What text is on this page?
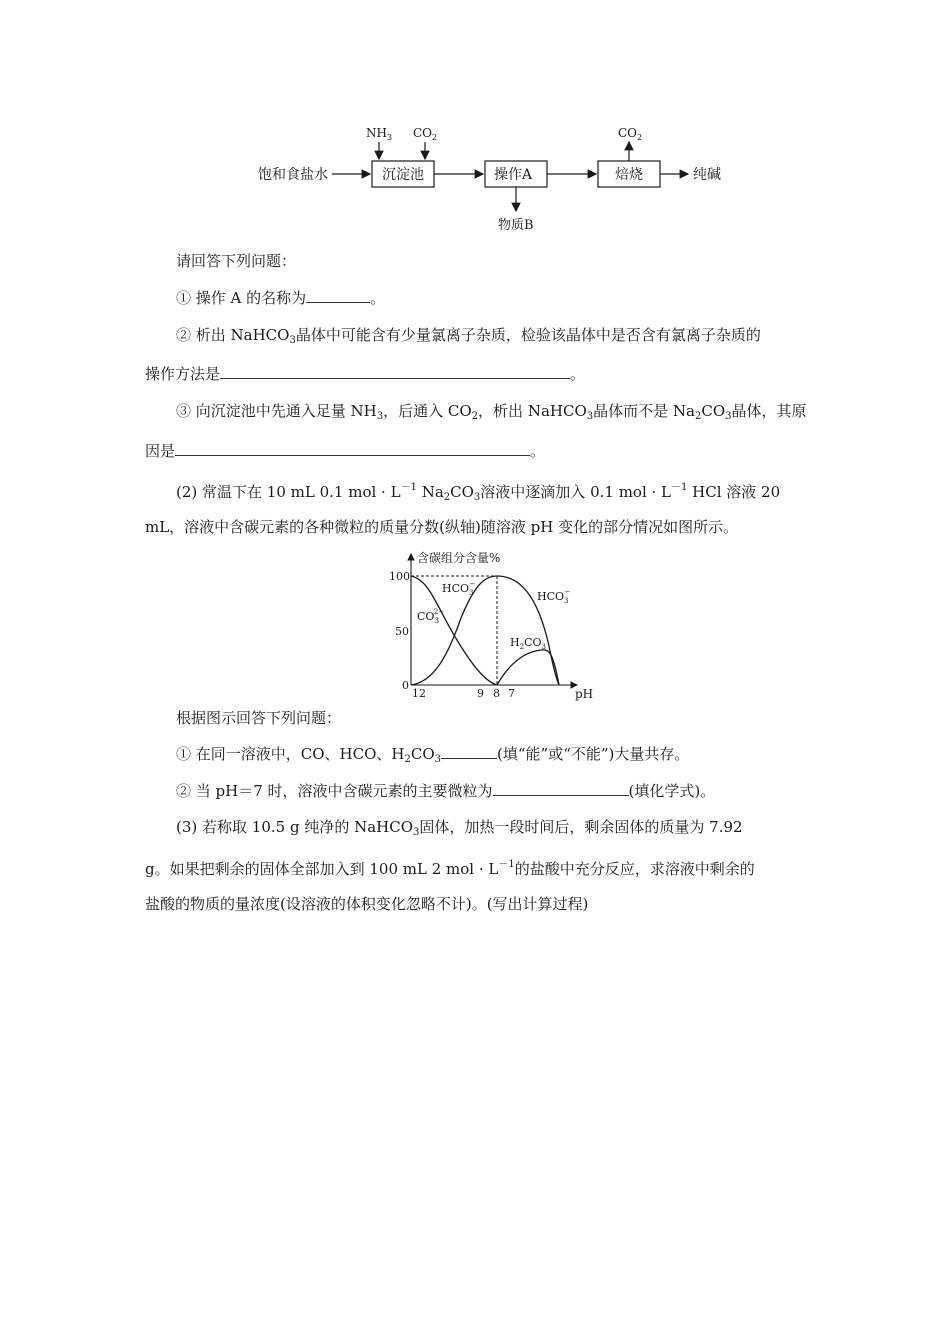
饱和食盐水	沉淀池
$NH_3$ $CO_2$
操作A
物质B
焙烧
$CO_2$
纯碱
请回答下列问题：
① 操作 A 的名称为	。
② 析出 NaHCO$_3$晶体中可能含有少量氯离子杂质，检验该晶体中是否含有氯离子杂质的
操作方法是	。
③ 向沉淀池中先通入足量 $NH_3$，后通入 $CO_2$，析出 NaHCO$_3$晶体而不是 $Na_2CO_3$晶体，其原
因是	。
(2) 常温下在 10 mL 0.1 mol · $L^{-1}$ $Na_2CO_3$溶液中逐滴加入 0.1 mol · $L^{-1}$ HCl 溶液 20
mL，溶液中含碳元素的各种微粒的质量分数(纵轴)随溶液 pH 变化的部分情况如图所示。
含碳组分含量%
pH
100
50
0
12	9 8 7
$CO_32-$
$HCO_3-$
$HCO_3-$
$H_2CO_3$
根据图示回答下列问题：
① 在同一溶液中，CO、HCO、$H_2CO_3$	(填“能”或“不能”)大量共存。
② 当 pH＝7 时，溶液中含碳元素的主要微粒为	(填化学式)。
(3) 若称取 10.5 g 纯净的 NaHCO$_3$固体，加热一段时间后，剩余固体的质量为 7.92
g。如果把剩余的固体全部加入到 100 mL 2 mol · $L^{-1}$的盐酸中充分反应，求溶液中剩余的
盐酸的物质的量浓度(设溶液的体积变化忽略不计)。(写出计算过程)
